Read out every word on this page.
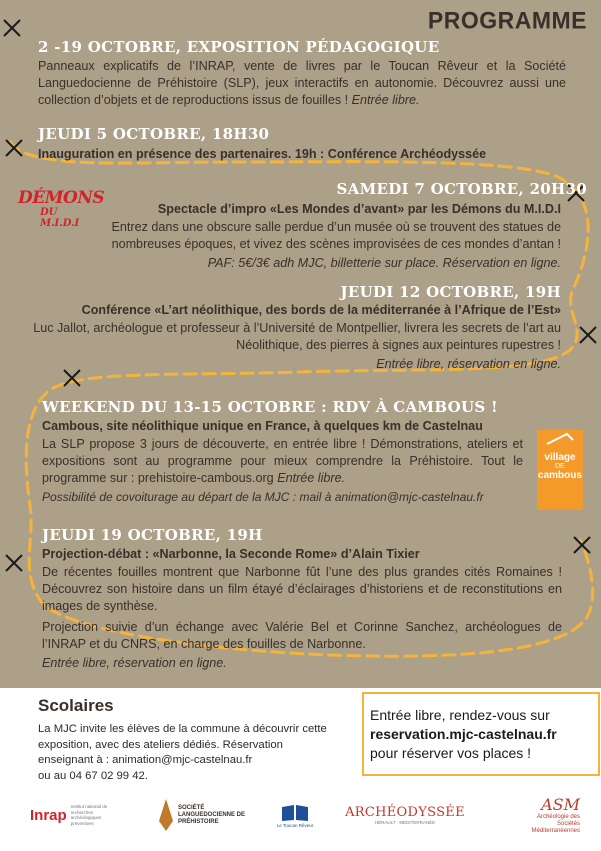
PROGRAMME
2 -19 OCTOBRE, EXPOSITION PÉDAGOGIQUE
Panneaux explicatifs de l’INRAP, vente de livres par le Toucan Rêveur et la Société Languedocienne de Préhistoire (SLP), jeux interactifs en autonomie. Découvrez aussi une collection d’objets et de reproductions issus de fouilles ! Entrée libre.
JEUDI 5 OCTOBRE, 18H30
Inauguration en présence des partenaires. 19h : Conférence Archéodyssée
DÉMONS
DU M.I.D.I
SAMEDI 7 OCTOBRE, 20H30
Spectacle d’impro «Les Mondes d’avant» par les Démons du M.I.D.I
Entrez dans une obscure salle perdue d’un musée où se trouvent des statues de nombreuses époques, et vivez des scènes improvisées de ces mondes d’antan !
PAF: 5€/3€ adh MJC, billetterie sur place. Réservation en ligne.
JEUDI 12 OCTOBRE, 19H
Conférence «L’art néolithique, des bords de la méditerranée à l’Afrique de l’Est»
Luc Jallot, archéologue et professeur à l’Université de Montpellier, livrera les secrets de l’art au Néolithique, des pierres à signes aux peintures rupestres !
Entrée libre, réservation en ligne.
WEEKEND DU 13-15 OCTOBRE : RDV À CAMBOUS !
Cambous, site néolithique unique en France, à quelques km de Castelnau
La SLP propose 3 jours de découverte, en entrée libre ! Démonstrations, ateliers et expositions sont au programme pour mieux comprendre la Préhistoire. Tout le programme sur : prehistoire-cambous.org Entrée libre.
Possibilité de covoiturage au départ de la MJC : mail à animation@mjc-castelnau.fr
village
DE
cambous
JEUDI 19 OCTOBRE, 19H
Projection-débat : «Narbonne, la Seconde Rome» d’Alain Tixier
De récentes fouilles montrent que Narbonne fût l’une des plus grandes cités Romaines ! Découvrez son histoire dans un film étayé d’éclairages d’historiens et de reconstitutions en images de synthèse.
Projection suivie d’un échange avec Valérie Bel et Corinne Sanchez, archéologues de l’INRAP et du CNRS, en charge des fouilles de Narbonne.
Entrée libre, réservation en ligne.
Scolaires
La MJC invite les élèves de la commune à découvrir cette exposition, avec des ateliers dédiés. Réservation enseignant à : animation@mjc-castelnau.fr
ou au 04 67 02 99 42.
Entrée libre, rendez-vous sur
reservation.mjc-castelnau.fr
pour réserver vos places !
Inrap Institut national de recherches archéologiques préventives
SOCIÉTÉ LANGUEDOCIENNE DE PRÉHISTOIRE
Le Toucan Rêveur
ARCHÉODYSSÉE
HÉRAULT · MÉDITERRANÉE
ASM
Archéologie des Sociétés Méditerranéennes
